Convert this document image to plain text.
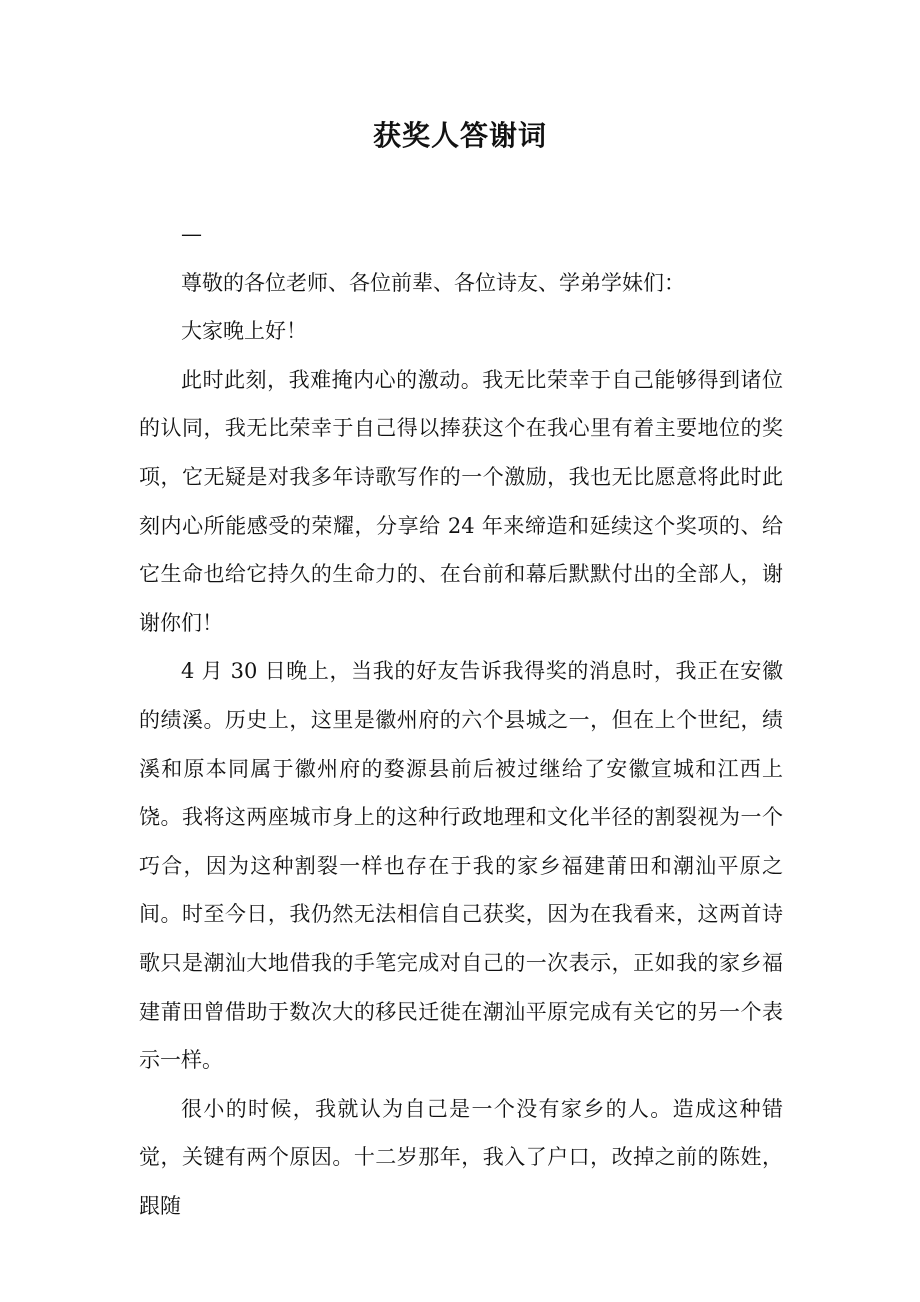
获奖人答谢词

—

尊敬的各位老师、各位前辈、各位诗友、学弟学妹们：

大家晚上好！

此时此刻，我难掩内心的激动。我无比荣幸于自己能够得到诸位的认同，我无比荣幸于自己得以捧获这个在我心里有着主要地位的奖项，它无疑是对我多年诗歌写作的一个激励，我也无比愿意将此时此刻内心所能感受的荣耀，分享给 24 年来缔造和延续这个奖项的、给它生命也给它持久的生命力的、在台前和幕后默默付出的全部人，谢谢你们！

4 月 30 日晚上，当我的好友告诉我得奖的消息时，我正在安徽的绩溪。历史上，这里是徽州府的六个县城之一，但在上个世纪，绩溪和原本同属于徽州府的婺源县前后被过继给了安徽宣城和江西上饶。我将这两座城市身上的这种行政地理和文化半径的割裂视为一个巧合，因为这种割裂一样也存在于我的家乡福建莆田和潮汕平原之间。时至今日，我仍然无法相信自己获奖，因为在我看来，这两首诗歌只是潮汕大地借我的手笔完成对自己的一次表示，正如我的家乡福建莆田曾借助于数次大的移民迁徙在潮汕平原完成有关它的另一个表示一样。

很小的时候，我就认为自己是一个没有家乡的人。造成这种错觉，关键有两个原因。十二岁那年，我入了户口，改掉之前的陈姓，跟随
